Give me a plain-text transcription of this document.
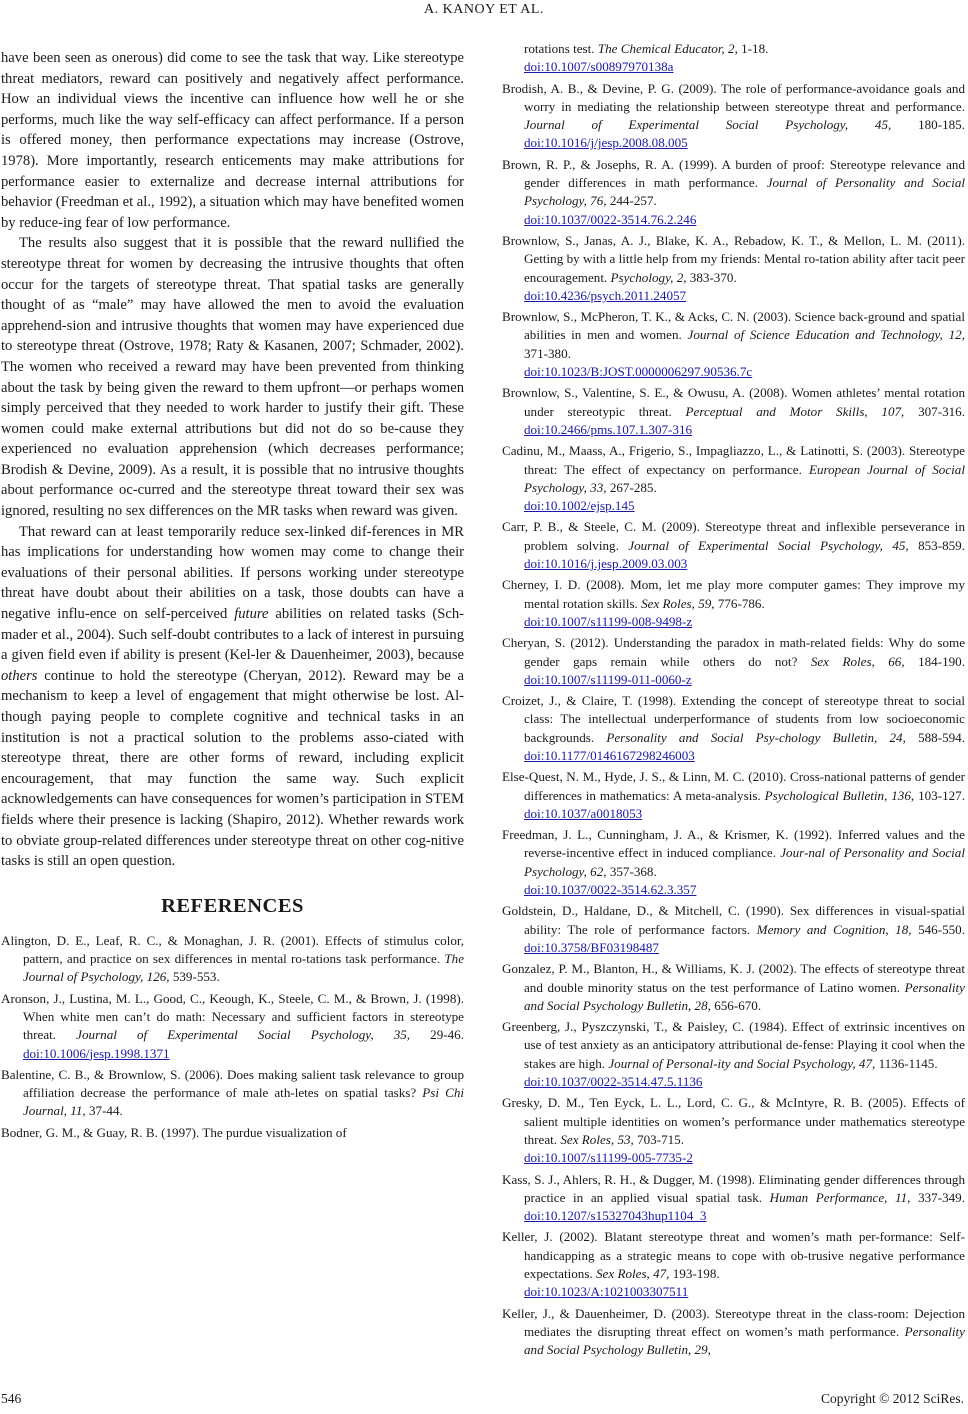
A. KANOY ET AL.

have been seen as onerous) did come to see the task that way. Like stereotype threat mediators, reward can positively and negatively affect performance. How an individual views the incentive can influence how well he or she performs, much like the way self-efficacy can affect performance. If a person is offered money, then performance expectations may increase (Ostrove, 1978). More importantly, research enticements may make attributions for performance easier to externalize and decrease internal attributions for behavior (Freedman et al., 1992), a situation which may have benefited women by reduce-ing fear of low performance.

The results also suggest that it is possible that the reward nullified the stereotype threat for women by decreasing the intrusive thoughts that often occur for the targets of stereotype threat. That spatial tasks are generally thought of as “male” may have allowed the men to avoid the evaluation apprehend-sion and intrusive thoughts that women may have experienced due to stereotype threat (Ostrove, 1978; Raty & Kasanen, 2007; Schmader, 2002). The women who received a reward may have been prevented from thinking about the task by being given the reward to them upfront—or perhaps women simply perceived that they needed to work harder to justify their gift. These women could make external attributions but did not do so be-cause they experienced no evaluation apprehension (which decreases performance; Brodish & Devine, 2009). As a result, it is possible that no intrusive thoughts about performance oc-curred and the stereotype threat toward their sex was ignored, resulting no sex differences on the MR tasks when reward was given.

That reward can at least temporarily reduce sex-linked dif-ferences in MR has implications for understanding how women may come to change their evaluations of their personal abilities. If persons working under stereotype threat have doubt about their abilities on a task, those doubts can have a negative influ-ence on self-perceived future abilities on related tasks (Sch-mader et al., 2004). Such self-doubt contributes to a lack of interest in pursuing a given field even if ability is present (Kel-ler & Dauenheimer, 2003), because others continue to hold the stereotype (Cheryan, 2012). Reward may be a mechanism to keep a level of engagement that might otherwise be lost. Al-though paying people to complete cognitive and technical tasks in an institution is not a practical solution to the problems asso-ciated with stereotype threat, there are other forms of reward, including explicit encouragement, that may function the same way. Such explicit acknowledgements can have consequences for women’s participation in STEM fields where their presence is lacking (Shapiro, 2012). Whether rewards work to obviate group-related differences under stereotype threat on other cog-nitive tasks is still an open question.

REFERENCES

Alington, D. E., Leaf, R. C., & Monaghan, J. R. (2001). Effects of stimulus color, pattern, and practice on sex differences in mental ro-tations task performance. The Journal of Psychology, 126, 539-553.

Aronson, J., Lustina, M. L., Good, C., Keough, K., Steele, C. M., & Brown, J. (1998). When white men can’t do math: Necessary and sufficient factors in stereotype threat. Journal of Experimental Social Psychology, 35, 29-46. doi:10.1006/jesp.1998.1371

Balentine, C. B., & Brownlow, S. (2006). Does making salient task relevance to group affiliation decrease the performance of male ath-letes on spatial tasks? Psi Chi Journal, 11, 37-44.

Bodner, G. M., & Guay, R. B. (1997). The purdue visualization of

rotations test. The Chemical Educator, 2, 1-18.
doi:10.1007/s00897970138a

Brodish, A. B., & Devine, P. G. (2009). The role of performance-avoidance goals and worry in mediating the relationship between stereotype threat and performance. Journal of Experimental Social Psychology, 45, 180-185. doi:10.1016/j/jesp.2008.08.005

Brown, R. P., & Josephs, R. A. (1999). A burden of proof: Stereotype relevance and gender differences in math performance. Journal of Personality and Social Psychology, 76, 244-257.
doi:10.1037/0022-3514.76.2.246

Brownlow, S., Janas, A. J., Blake, K. A., Rebadow, K. T., & Mellon, L. M. (2011). Getting by with a little help from my friends: Mental ro-tation ability after tacit peer encouragement. Psychology, 2, 383-370.
doi:10.4236/psych.2011.24057

Brownlow, S., McPheron, T. K., & Acks, C. N. (2003). Science back-ground and spatial abilities in men and women. Journal of Science Education and Technology, 12, 371-380.
doi:10.1023/B:JOST.0000006297.90536.7c

Brownlow, S., Valentine, S. E., & Owusu, A. (2008). Women athletes’ mental rotation under stereotypic threat. Perceptual and Motor Skills, 107, 307-316. doi:10.2466/pms.107.1.307-316

Cadinu, M., Maass, A., Frigerio, S., Impagliazzo, L., & Latinotti, S. (2003). Stereotype threat: The effect of expectancy on performance. European Journal of Social Psychology, 33, 267-285.
doi:10.1002/ejsp.145

Carr, P. B., & Steele, C. M. (2009). Stereotype threat and inflexible perseverance in problem solving. Journal of Experimental Social Psychology, 45, 853-859. doi:10.1016/j.jesp.2009.03.003

Cherney, I. D. (2008). Mom, let me play more computer games: They improve my mental rotation skills. Sex Roles, 59, 776-786.
doi:10.1007/s11199-008-9498-z

Cheryan, S. (2012). Understanding the paradox in math-related fields: Why do some gender gaps remain while others do not? Sex Roles, 66, 184-190. doi:10.1007/s11199-011-0060-z

Croizet, J., & Claire, T. (1998). Extending the concept of stereotype threat to social class: The intellectual underperformance of students from low socioeconomic backgrounds. Personality and Social Psy-chology Bulletin, 24, 588-594. doi:10.1177/0146167298246003

Else-Quest, N. M., Hyde, J. S., & Linn, M. C. (2010). Cross-national patterns of gender differences in mathematics: A meta-analysis. Psychological Bulletin, 136, 103-127. doi:10.1037/a0018053

Freedman, J. L., Cunningham, J. A., & Krismer, K. (1992). Inferred values and the reverse-incentive effect in induced compliance. Jour-nal of Personality and Social Psychology, 62, 357-368.
doi:10.1037/0022-3514.62.3.357

Goldstein, D., Haldane, D., & Mitchell, C. (1990). Sex differences in visual-spatial ability: The role of performance factors. Memory and Cognition, 18, 546-550. doi:10.3758/BF03198487

Gonzalez, P. M., Blanton, H., & Williams, K. J. (2002). The effects of stereotype threat and double minority status on the test performance of Latino women. Personality and Social Psychology Bulletin, 28, 656-670.

Greenberg, J., Pyszczynski, T., & Paisley, C. (1984). Effect of extrinsic incentives on use of test anxiety as an anticipatory attributional de-fense: Playing it cool when the stakes are high. Journal of Personal-ity and Social Psychology, 47, 1136-1145.
doi:10.1037/0022-3514.47.5.1136

Gresky, D. M., Ten Eyck, L. L., Lord, C. G., & McIntyre, R. B. (2005). Effects of salient multiple identities on women’s performance under mathematics stereotype threat. Sex Roles, 53, 703-715.
doi:10.1007/s11199-005-7735-2

Kass, S. J., Ahlers, R. H., & Dugger, M. (1998). Eliminating gender differences through practice in an applied visual spatial task. Human Performance, 11, 337-349. doi:10.1207/s15327043hup1104_3

Keller, J. (2002). Blatant stereotype threat and women’s math per-formance: Self-handicapping as a strategic means to cope with ob-trusive negative performance expectations. Sex Roles, 47, 193-198.
doi:10.1023/A:1021003307511

Keller, J., & Dauenheimer, D. (2003). Stereotype threat in the class-room: Dejection mediates the disrupting threat effect on women’s math performance. Personality and Social Psychology Bulletin, 29,

546	Copyright © 2012 SciRes.
